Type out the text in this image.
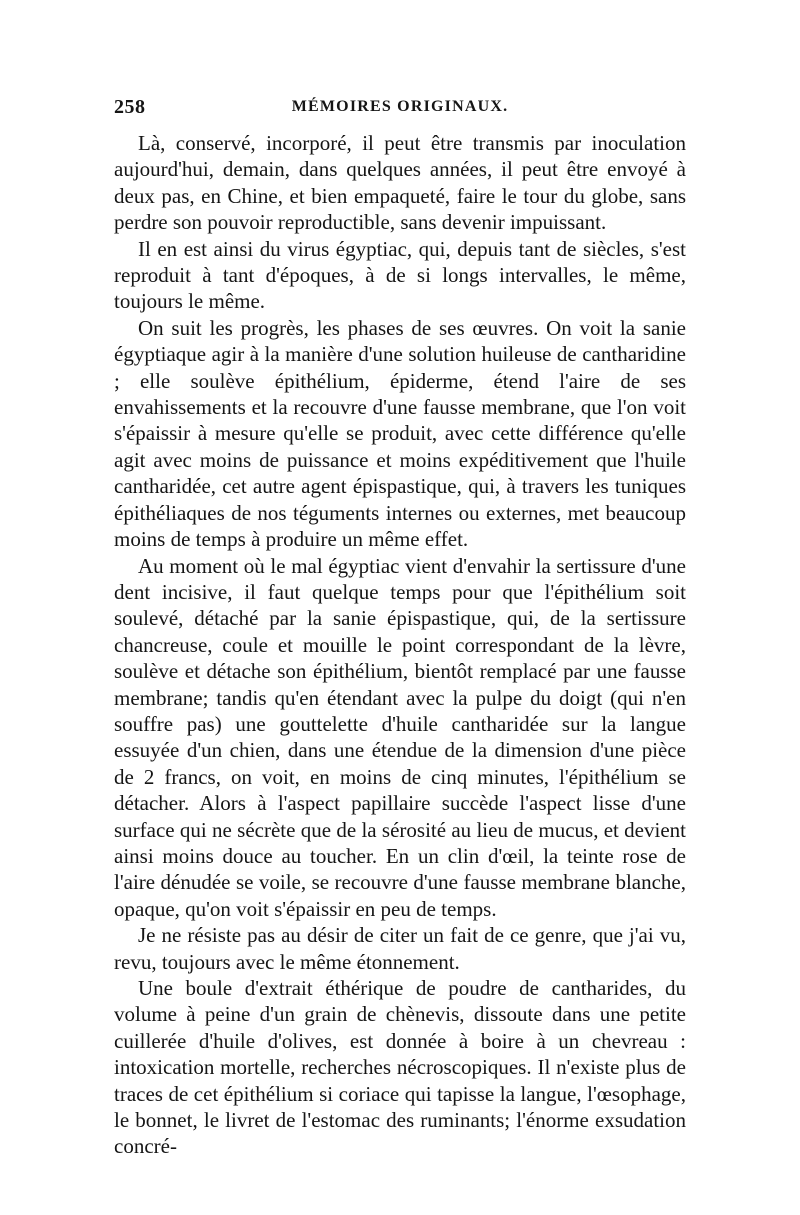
258	MÉMOIRES ORIGINAUX.

Là, conservé, incorporé, il peut être transmis par inoculation aujourd'hui, demain, dans quelques années, il peut être envoyé à deux pas, en Chine, et bien empaqueté, faire le tour du globe, sans perdre son pouvoir reproductible, sans devenir impuissant.

Il en est ainsi du virus égyptiac, qui, depuis tant de siècles, s'est reproduit à tant d'époques, à de si longs intervalles, le même, toujours le même.

On suit les progrès, les phases de ses œuvres. On voit la sanie égyptiaque agir à la manière d'une solution huileuse de cantharidine ; elle soulève épithélium, épiderme, étend l'aire de ses envahissements et la recouvre d'une fausse membrane, que l'on voit s'épaissir à mesure qu'elle se produit, avec cette différence qu'elle agit avec moins de puissance et moins expéditivement que l'huile cantharidée, cet autre agent épispastique, qui, à travers les tuniques épithéliaques de nos téguments internes ou externes, met beaucoup moins de temps à produire un même effet.

Au moment où le mal égyptiac vient d'envahir la sertissure d'une dent incisive, il faut quelque temps pour que l'épithélium soit soulevé, détaché par la sanie épispastique, qui, de la sertissure chancreuse, coule et mouille le point correspondant de la lèvre, soulève et détache son épithélium, bientôt remplacé par une fausse membrane; tandis qu'en étendant avec la pulpe du doigt (qui n'en souffre pas) une gouttelette d'huile cantharidée sur la langue essuyée d'un chien, dans une étendue de la dimension d'une pièce de 2 francs, on voit, en moins de cinq minutes, l'épithélium se détacher. Alors à l'aspect papillaire succède l'aspect lisse d'une surface qui ne sécrète que de la sérosité au lieu de mucus, et devient ainsi moins douce au toucher. En un clin d'œil, la teinte rose de l'aire dénudée se voile, se recouvre d'une fausse membrane blanche, opaque, qu'on voit s'épaissir en peu de temps.

Je ne résiste pas au désir de citer un fait de ce genre, que j'ai vu, revu, toujours avec le même étonnement.

Une boule d'extrait éthérique de poudre de cantharides, du volume à peine d'un grain de chènevis, dissoute dans une petite cuillerée d'huile d'olives, est donnée à boire à un chevreau : intoxication mortelle, recherches nécroscopiques. Il n'existe plus de traces de cet épithélium si coriace qui tapisse la langue, l'œsophage, le bonnet, le livret de l'estomac des ruminants; l'énorme exsudation concré-
